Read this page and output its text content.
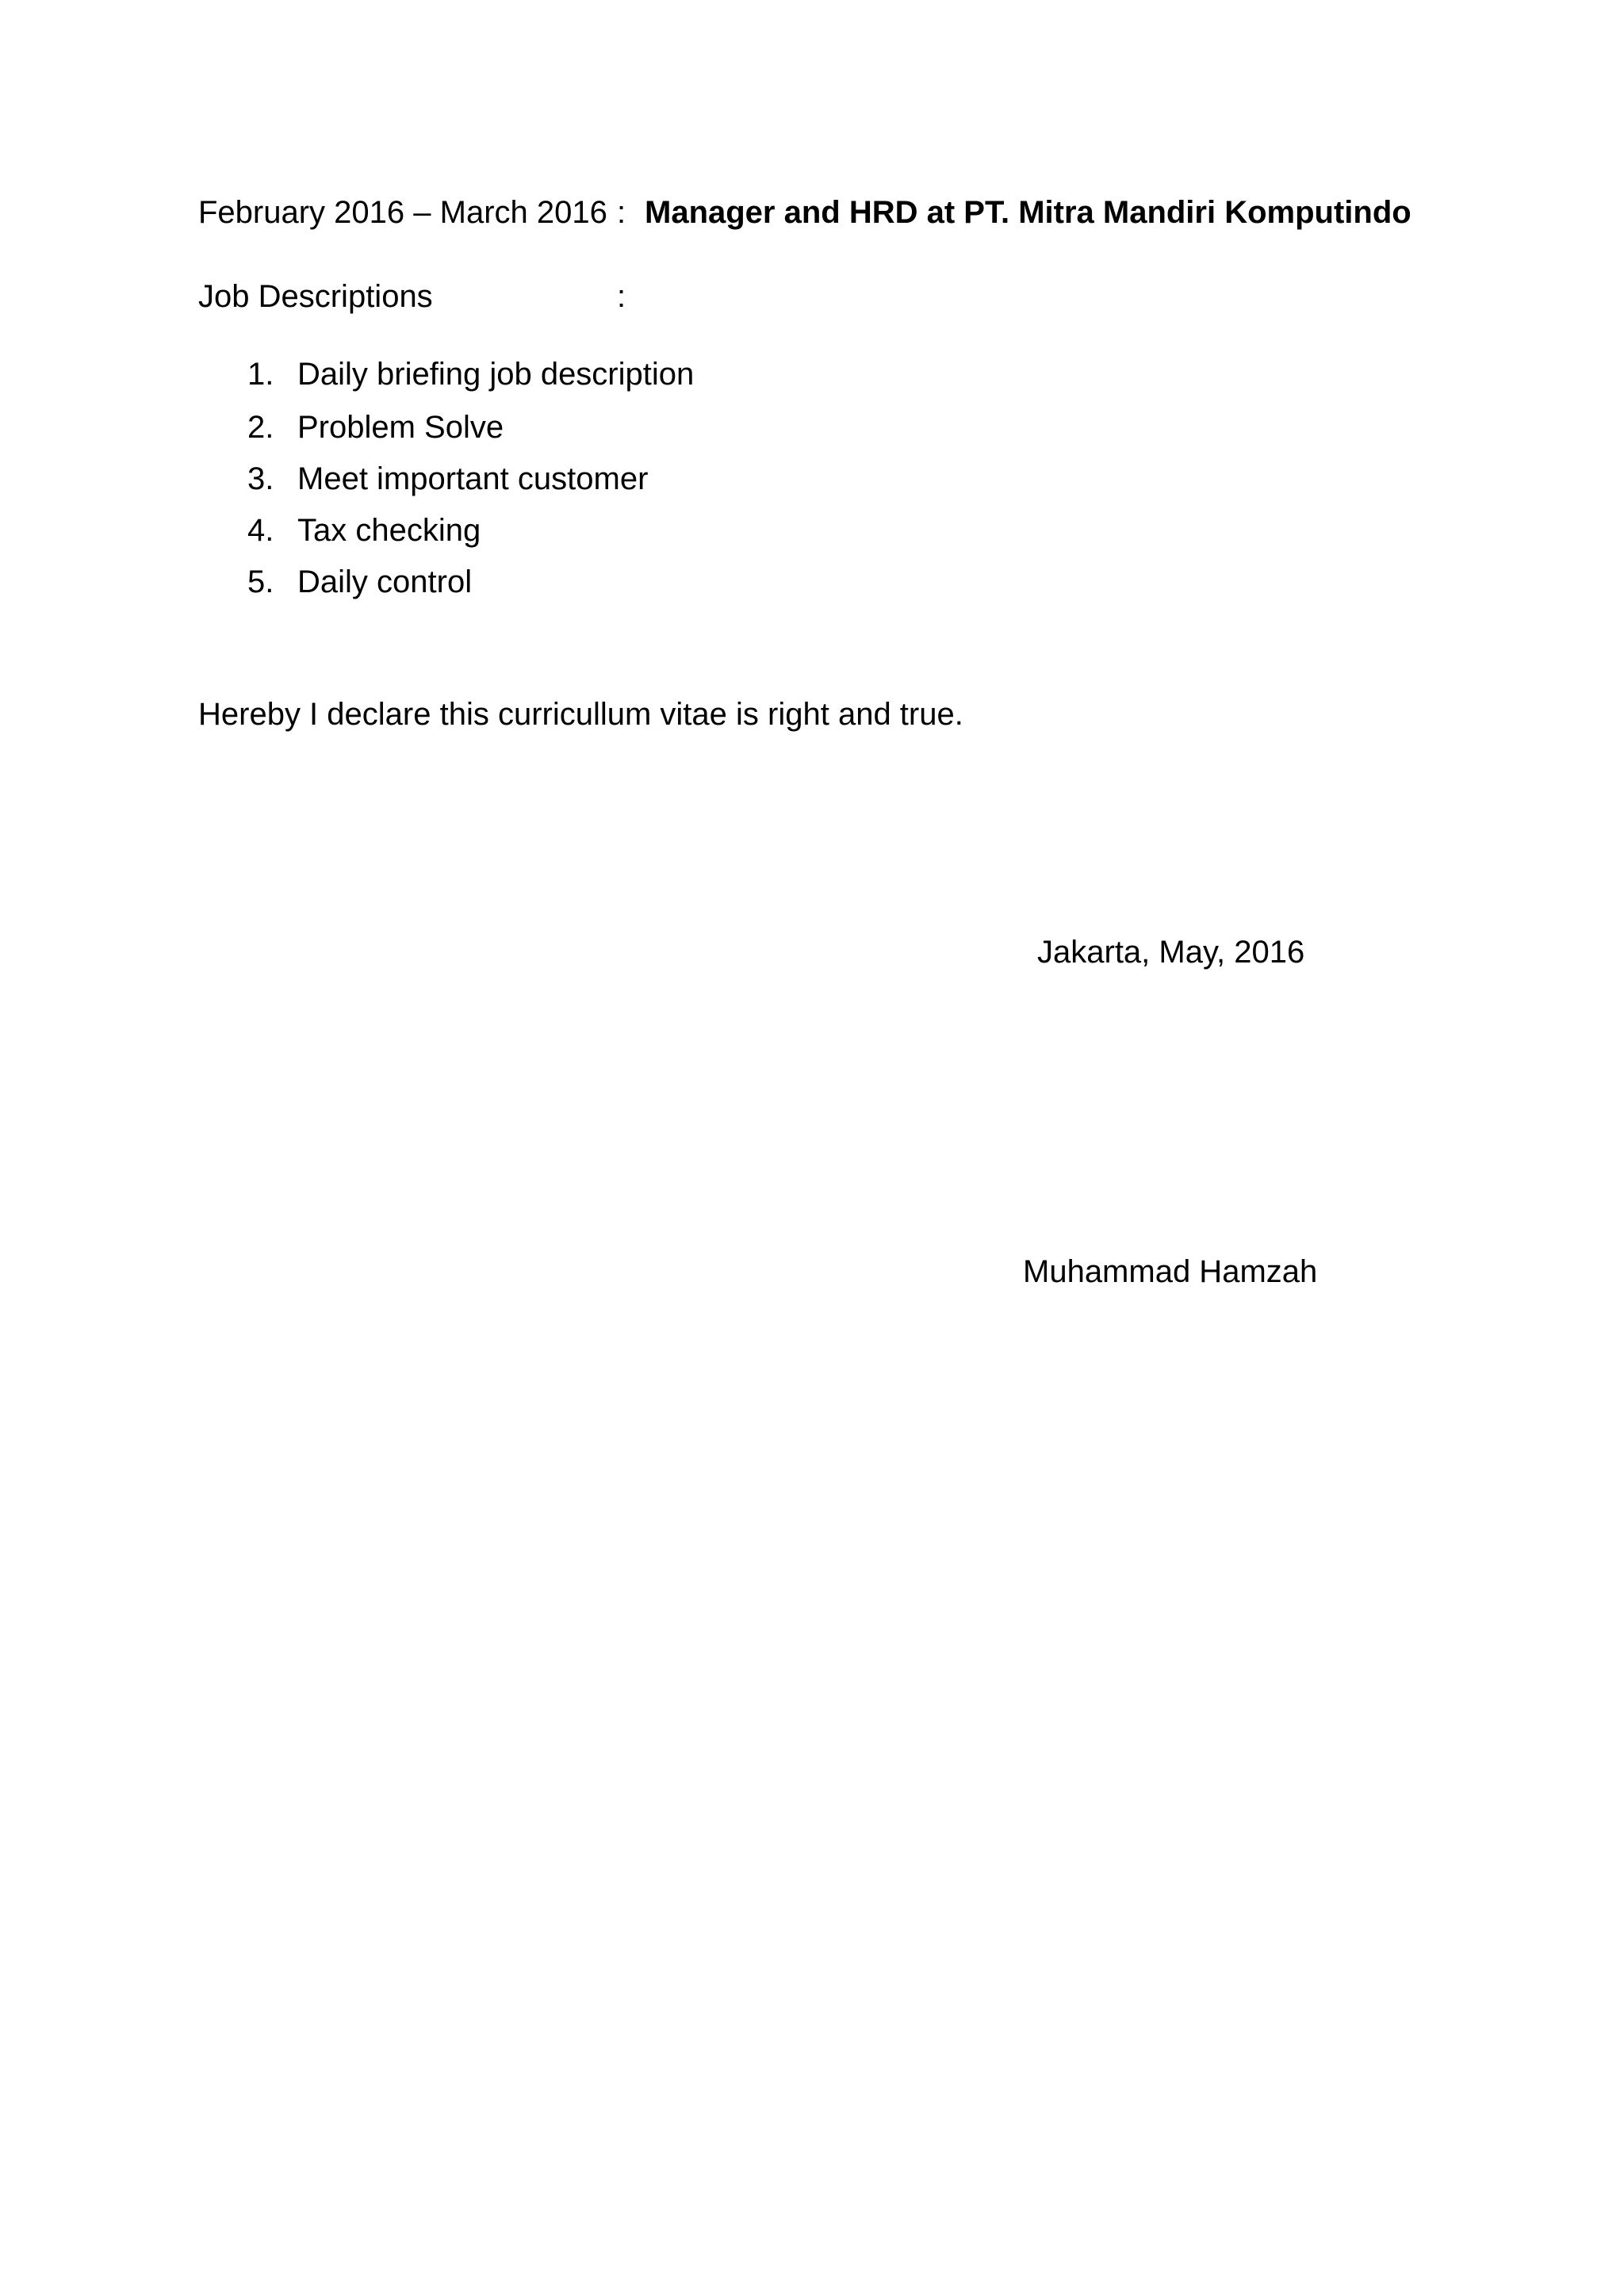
February 2016 – March 2016 : Manager and HRD at PT. Mitra Mandiri Komputindo
Job Descriptions	:
1. Daily briefing job description
2. Problem Solve
3. Meet important customer
4. Tax checking
5. Daily control
Hereby I declare this curricullum vitae is right and true.
Jakarta, May, 2016
Muhammad Hamzah
